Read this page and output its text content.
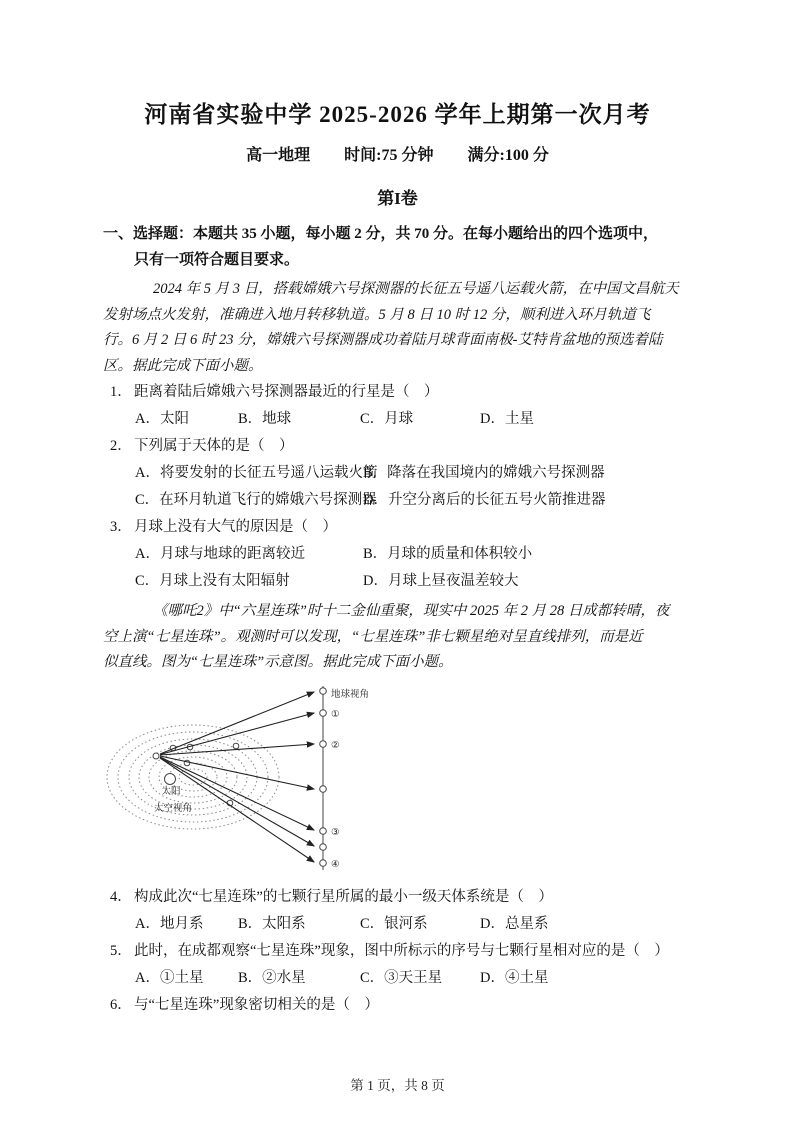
河南省实验中学 2025-2026 学年上期第一次月考
高一地理 时间:75 分钟 满分:100 分
第I卷

一、选择题：本题共 35 小题，每小题 2 分，共 70 分。在每小题给出的四个选项中，

只有一项符合题目要求。

2024 年 5 月 3 日，搭载嫦娥六号探测器的长征五号遥八运载火箭，在中国文昌航天

发射场点火发射，准确进入地月转移轨道。5 月 8 日 10 时 12 分，顺利进入环月轨道飞

行。6 月 2 日 6 时 23 分，嫦娥六号探测器成功着陆月球背面南极-艾特肯盆地的预选着陆

区。据此完成下面小题。

1． 距离着陆后嫦娥六号探测器最近的行星是（　）
A．太阳	B．地球	C．月球	D．土星
2． 下列属于天体的是（　）
A．将要发射的长征五号遥八运载火箭
B．降落在我国境内的嫦娥六号探测器
C．在环月轨道飞行的嫦娥六号探测器
D．升空分离后的长征五号火箭推进器
3． 月球上没有大气的原因是（　）
A．月球与地球的距离较近	B．月球的质量和体积较小
C．月球上没有太阳辐射	D．月球上昼夜温差较大

《哪吒2》中“六星连珠”时十二金仙重聚，现实中 2025 年 2 月 28 日成都转晴，夜

空上演“七星连珠”。观测时可以发现，“七星连珠”非七颗星绝对呈直线排列，而是近

似直线。图为“七星连珠”示意图。据此完成下面小题。

太阳
太空视角
地球视角
①
②
③
④
4． 构成此次“七星连珠”的七颗行星所属的最小一级天体系统是（　）
A．地月系	B．太阳系	C．银河系	D．总星系
5． 此时，在成都观察“七星连珠”现象，图中所标示的序号与七颗行星相对应的是（　）
A．①土星	B．②水星	C．③天王星	D．④土星
6． 与“七星连珠”现象密切相关的是（　）
第 1 页，共 8 页
